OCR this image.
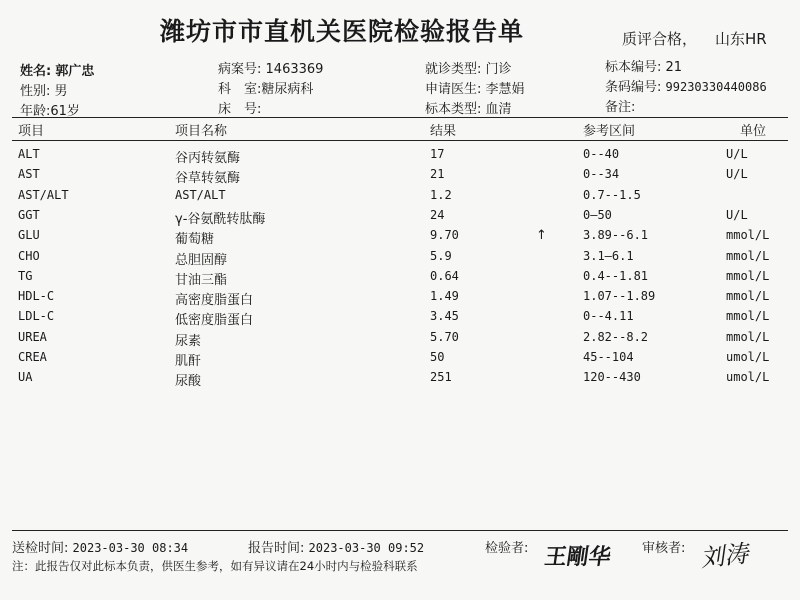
潍坊市市直机关医院检验报告单	质评合格， 山东HR
姓名: 郭广忠
性别: 男
年龄:61岁
病案号: 1463369
科　室:糖尿病科
床　号:
就诊类型: 门诊
申请医生: 李慧娟
标本类型: 血清
标本编号: 21
条码编号: 99230330440086
备注:
项目	项目名称	结果	参考区间	单位
ALT	谷丙转氨酶	17	0--40	U/L
AST	谷草转氨酶	21	0--34	U/L
AST/ALT	AST/ALT	1.2	0.7--1.5
GGT	γ-谷氨酰转肽酶	24	0—50	U/L
GLU	葡萄糖	9.70	↑	3.89--6.1	mmol/L
CHO	总胆固醇	5.9	3.1—6.1	mmol/L
TG	甘油三酯	0.64	0.4--1.81	mmol/L
HDL-C	高密度脂蛋白	1.49	1.07--1.89	mmol/L
LDL-C	低密度脂蛋白	3.45	0--4.11	mmol/L
UREA	尿素	5.70	2.82--8.2	mmol/L
CREA	肌酐	50	45--104	umol/L
UA	尿酸	251	120--430	umol/L
送检时间: 2023-03-30 08:34	报告时间: 2023-03-30 09:52	检验者: 王剛华 审核者: 刘涛
注：此报告仅对此标本负责，供医生参考，如有异议请在24小时内与检验科联系
